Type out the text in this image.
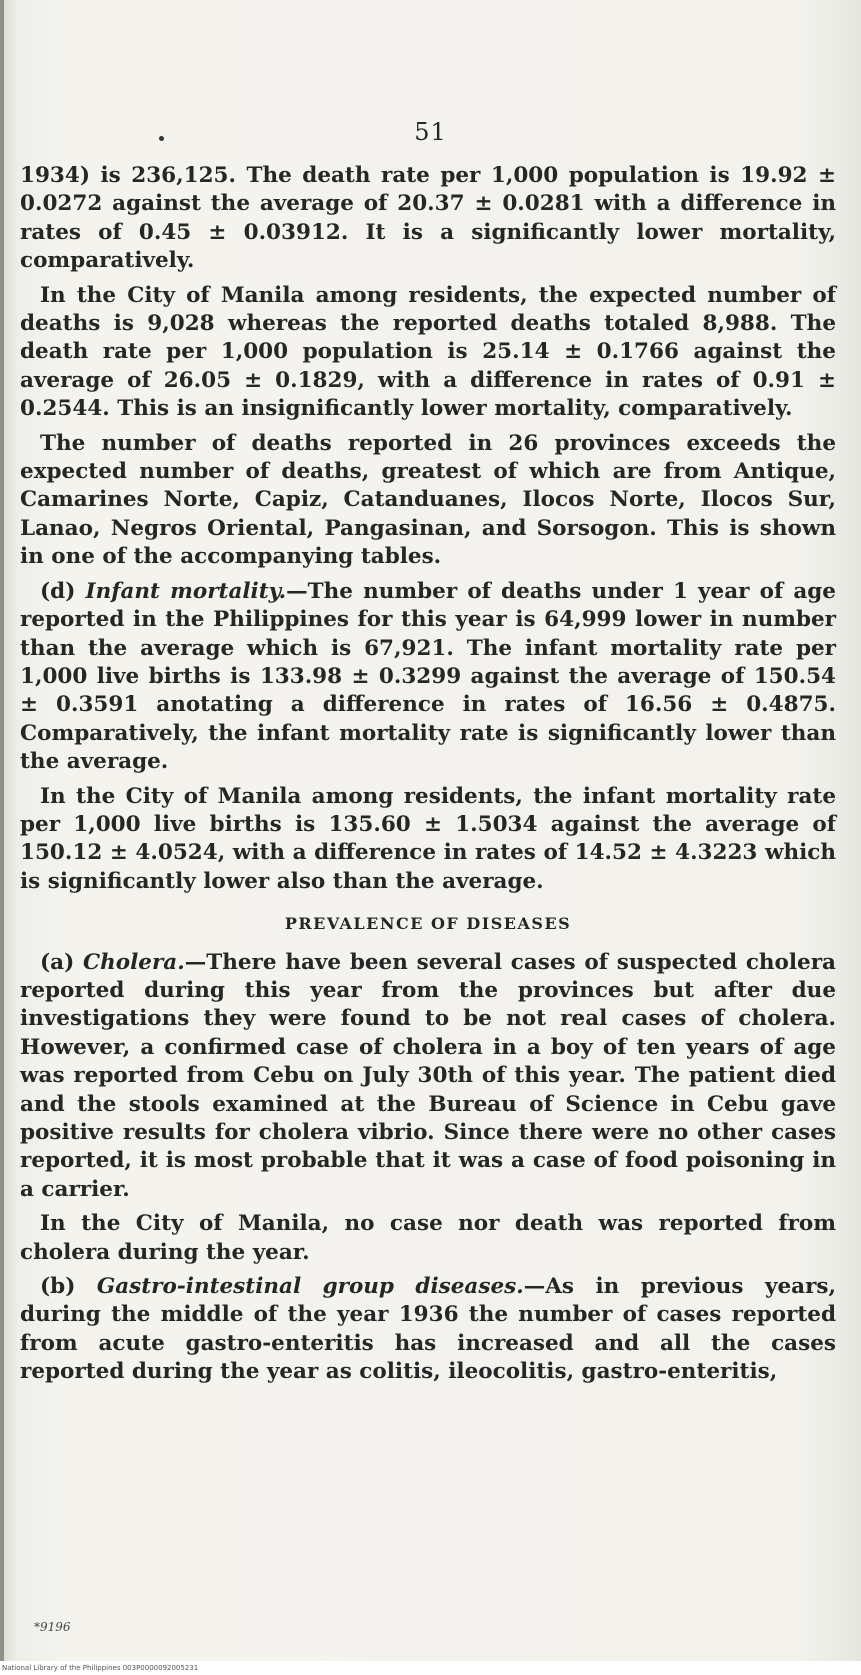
51

1934) is 236,125. The death rate per 1,000 population is 19.92 ± 0.0272 against the average of 20.37 ± 0.0281 with a difference in rates of 0.45 ± 0.03912. It is a significantly lower mortality, comparatively.

In the City of Manila among residents, the expected number of deaths is 9,028 whereas the reported deaths totaled 8,988. The death rate per 1,000 population is 25.14 ± 0.1766 against the average of 26.05 ± 0.1829, with a difference in rates of 0.91 ± 0.2544. This is an insignificantly lower mortality, comparatively.

The number of deaths reported in 26 provinces exceeds the expected number of deaths, greatest of which are from Antique, Camarines Norte, Capiz, Catanduanes, Ilocos Norte, Ilocos Sur, Lanao, Negros Oriental, Pangasinan, and Sorsogon. This is shown in one of the accompanying tables.

(d) Infant mortality.—The number of deaths under 1 year of age reported in the Philippines for this year is 64,999 lower in number than the average which is 67,921. The infant mortality rate per 1,000 live births is 133.98 ± 0.3299 against the average of 150.54 ± 0.3591 anotating a difference in rates of 16.56 ± 0.4875. Comparatively, the infant mortality rate is significantly lower than the average.

In the City of Manila among residents, the infant mortality rate per 1,000 live births is 135.60 ± 1.5034 against the average of 150.12 ± 4.0524, with a difference in rates of 14.52 ± 4.3223 which is significantly lower also than the average.

PREVALENCE OF DISEASES

(a) Cholera.—There have been several cases of suspected cholera reported during this year from the provinces but after due investigations they were found to be not real cases of cholera. However, a confirmed case of cholera in a boy of ten years of age was reported from Cebu on July 30th of this year. The patient died and the stools examined at the Bureau of Science in Cebu gave positive results for cholera vibrio. Since there were no other cases reported, it is most probable that it was a case of food poisoning in a carrier.

In the City of Manila, no case nor death was reported from cholera during the year.

(b) Gastro-intestinal group diseases.—As in previous years, during the middle of the year 1936 the number of cases reported from acute gastro-enteritis has increased and all the cases reported during the year as colitis, ileocolitis, gastro-enteritis,

*9196
National Library of the Philippines 003P0000092005231
